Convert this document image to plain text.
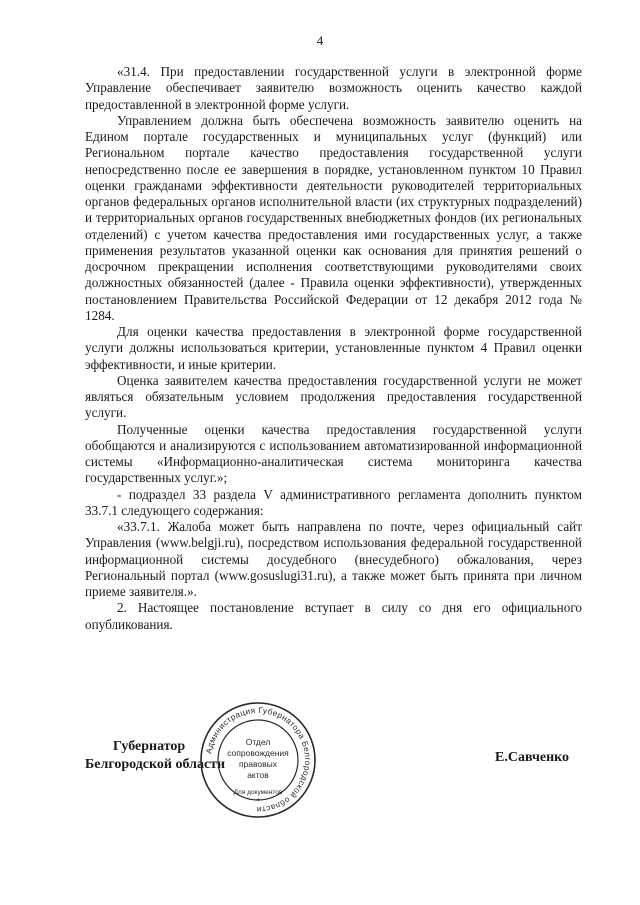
4

«31.4. При предоставлении государственной услуги в электронной форме Управление обеспечивает заявителю возможность оценить качество каждой предоставленной в электронной форме услуги.

Управлением должна быть обеспечена возможность заявителю оценить на Едином портале государственных и муниципальных услуг (функций) или Региональном портале качество предоставления государственной услуги непосредственно после ее завершения в порядке, установленном пунктом 10 Правил оценки гражданами эффективности деятельности руководителей территориальных органов федеральных органов исполнительной власти (их структурных подразделений) и территориальных органов государственных внебюджетных фондов (их региональных отделений) с учетом качества предоставления ими государственных услуг, а также применения результатов указанной оценки как основания для принятия решений о досрочном прекращении исполнения соответствующими руководителями своих должностных обязанностей (далее - Правила оценки эффективности), утвержденных постановлением Правительства Российской Федерации от 12 декабря 2012 года № 1284.

Для оценки качества предоставления в электронной форме государственной услуги должны использоваться критерии, установленные пунктом 4 Правил оценки эффективности, и иные критерии.

Оценка заявителем качества предоставления государственной услуги не может являться обязательным условием продолжения предоставления государственной услуги.

Полученные оценки качества предоставления государственной услуги обобщаются и анализируются с использованием автоматизированной информационной системы «Информационно-аналитическая система мониторинга качества государственных услуг.»;

- подраздел 33 раздела V административного регламента дополнить пунктом 33.7.1 следующего содержания:

«33.7.1. Жалоба может быть направлена по почте, через официальный сайт Управления (www.belgji.ru), посредством использования федеральной государственной информационной системы досудебного (внесудебного) обжалования, через Региональный портал (www.gosuslugi31.ru), а также может быть принята при личном приеме заявителя.».

2. Настоящее постановление вступает в силу со дня его официального опубликования.

Губернатор
Белгородской области
Администрация Губернатора Белгородской области
Отдел
сопровождения
правовых
актов
Для документов
*
Е.Савченко
